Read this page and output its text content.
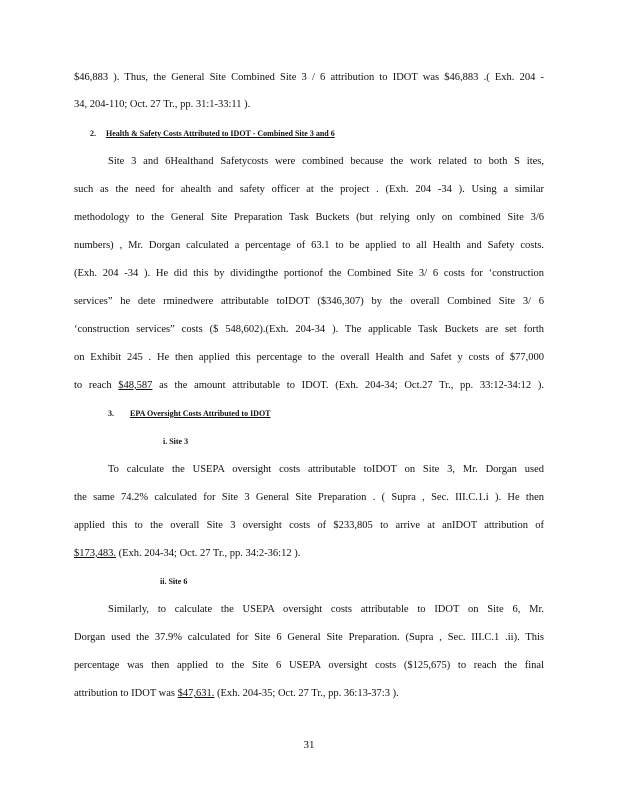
$46,883 ). Thus, the General Site Combined Site 3 / 6 attribution to IDOT was $46,883 .( Exh. 204 -
34, 204-110; Oct. 27 Tr., pp. 31:1-33:11 ).
2. Health & Safety Costs Attributed to IDOT - Combined Site 3 and 6
Site 3 and 6Healthand Safetycosts were combined because the work related to both S ites,
such as the need for ahealth and safety officer at the project . (Exh. 204 -34 ). Using a similar
methodology to the General Site Preparation Task Buckets (but relying only on combined Site 3/6
numbers) , Mr. Dorgan calculated a percentage of 63.1 to be applied to all Health and Safety costs.
(Exh. 204 -34 ). He did this by dividingthe portionof the Combined Site 3/ 6 costs for ‘construction
services” he dete rminedwere attributable toIDOT ($346,307) by the overall Combined Site 3/ 6
‘construction services” costs ($ 548,602).(Exh. 204-34 ). The applicable Task Buckets are set forth
on Exhibit 245 . He then applied this percentage to the overall Health and Safet y costs of $77,000
to reach $48,587 as the amount attributable to IDOT. (Exh. 204-34; Oct.27 Tr., pp. 33:12-34:12 ).
3. EPA Oversight Costs Attributed to IDOT
i. Site 3
To calculate the USEPA oversight costs attributable toIDOT on Site 3, Mr. Dorgan used
the same 74.2% calculated for Site 3 General Site Preparation . ( Supra , Sec. III.C.1.i ). He then
applied this to the overall Site 3 oversight costs of $233,805 to arrive at anIDOT attribution of
$173,483. (Exh. 204-34; Oct. 27 Tr., pp. 34:2-36:12 ).
ii. Site 6
Similarly, to calculate the USEPA oversight costs attributable to IDOT on Site 6, Mr.
Dorgan used the 37.9% calculated for Site 6 General Site Preparation. (Supra , Sec. III.C.1 .ii). This
percentage was then applied to the Site 6 USEPA oversight costs ($125,675) to reach the final
attribution to IDOT was $47,631. (Exh. 204-35; Oct. 27 Tr., pp. 36:13-37:3 ).
31
